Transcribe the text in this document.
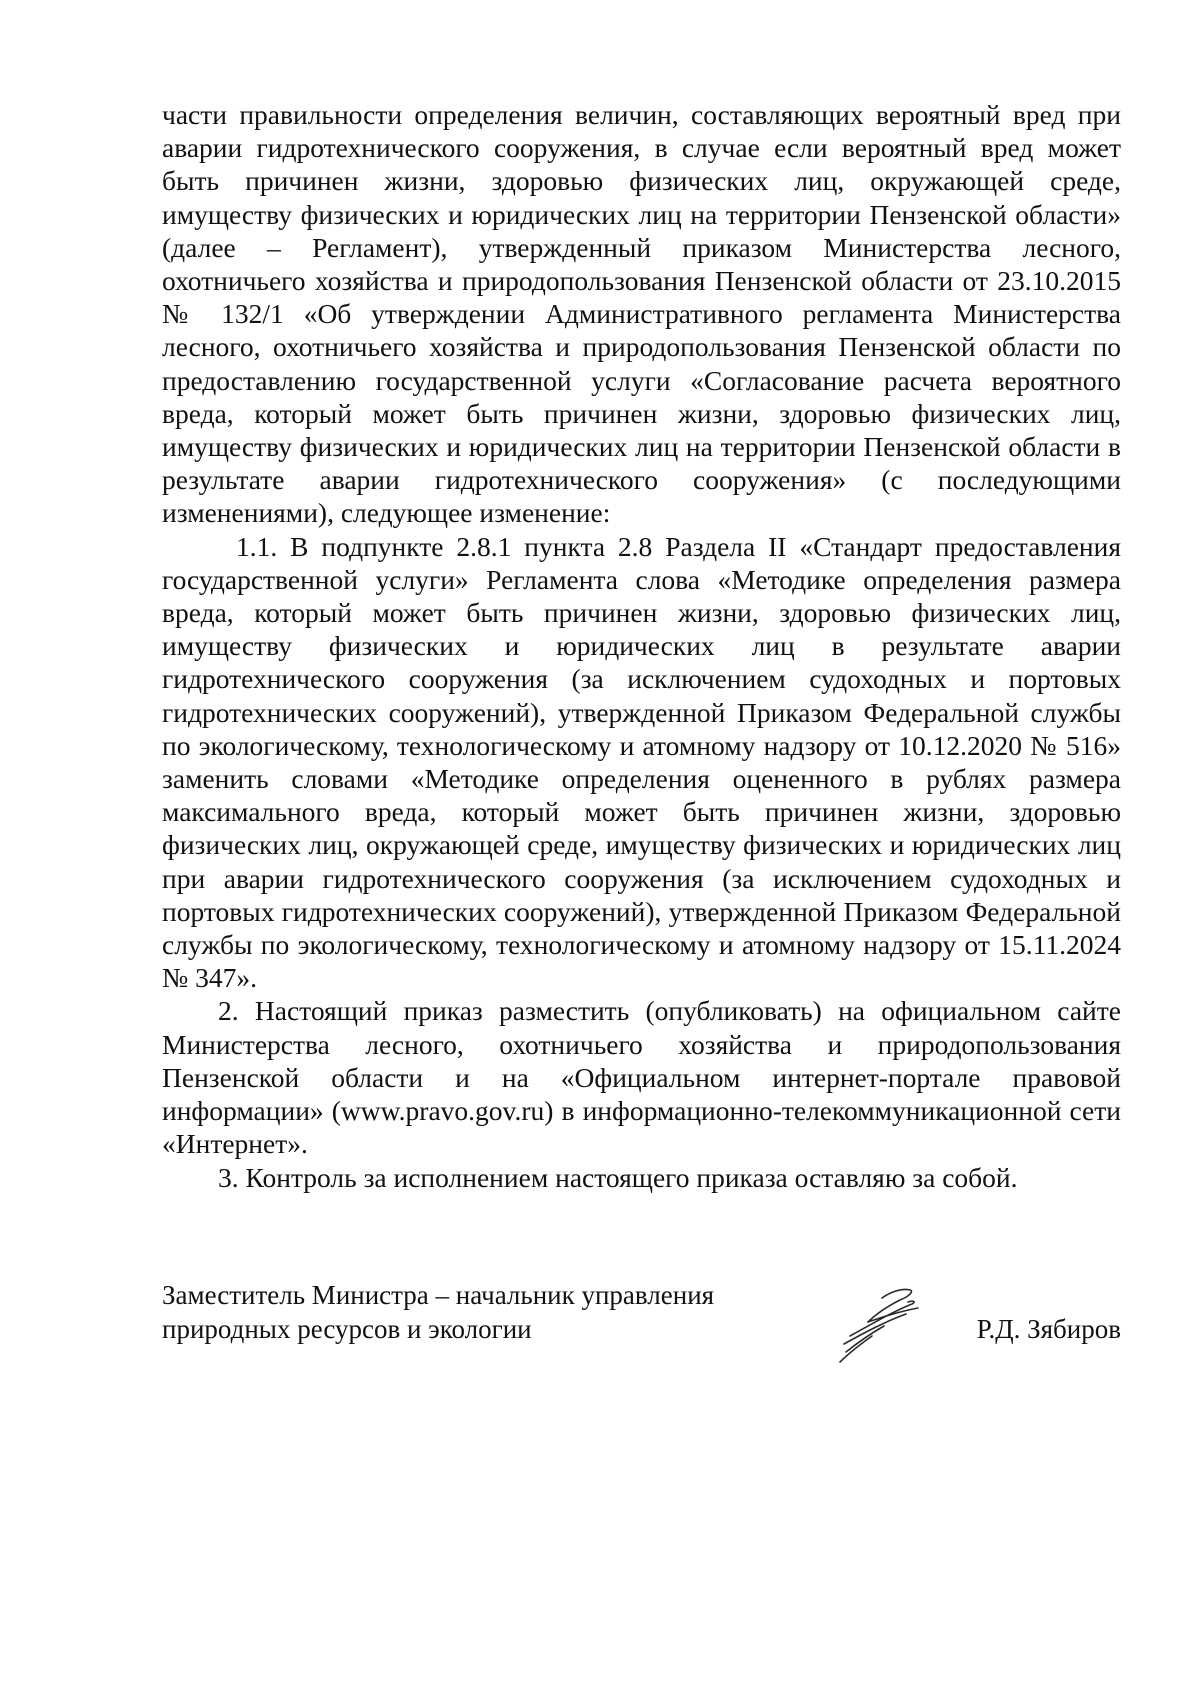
части правильности определения величин, составляющих вероятный вред при аварии гидротехнического сооружения, в случае если вероятный вред может быть причинен жизни, здоровью физических лиц, окружающей среде, имуществу физических и юридических лиц на территории Пензенской области» (далее – Регламент), утвержденный приказом Министерства лесного, охотничьего хозяйства и природопользования Пензенской области от 23.10.2015 № 132/1 «Об утверждении Административного регламента Министерства лесного, охотничьего хозяйства и природопользования Пензенской области по предоставлению государственной услуги «Согласование расчета вероятного вреда, который может быть причинен жизни, здоровью физических лиц, имуществу физических и юридических лиц на территории Пензенской области в результате аварии гидротехнического сооружения» (с последующими изменениями), следующее изменение:

1.1. В подпункте 2.8.1 пункта 2.8 Раздела II «Стандарт предоставления государственной услуги» Регламента слова «Методике определения размера вреда, который может быть причинен жизни, здоровью физических лиц, имуществу физических и юридических лиц в результате аварии гидротехнического сооружения (за исключением судоходных и портовых гидротехнических сооружений), утвержденной Приказом Федеральной службы по экологическому, технологическому и атомному надзору от 10.12.2020 № 516» заменить словами «Методике определения оцененного в рублях размера максимального вреда, который может быть причинен жизни, здоровью физических лиц, окружающей среде, имуществу физических и юридических лиц при аварии гидротехнического сооружения (за исключением судоходных и портовых гидротехнических сооружений), утвержденной Приказом Федеральной службы по экологическому, технологическому и атомному надзору от 15.11.2024 № 347».

2. Настоящий приказ разместить (опубликовать) на официальном сайте Министерства лесного, охотничьего хозяйства и природопользования Пензенской области и на «Официальном интернет-портале правовой информации» (www.pravo.gov.ru) в информационно-телекоммуникационной сети «Интернет».

3. Контроль за исполнением настоящего приказа оставляю за собой.

Заместитель Министра – начальник управления
природных ресурсов и экологии	Р.Д. Зябиров
